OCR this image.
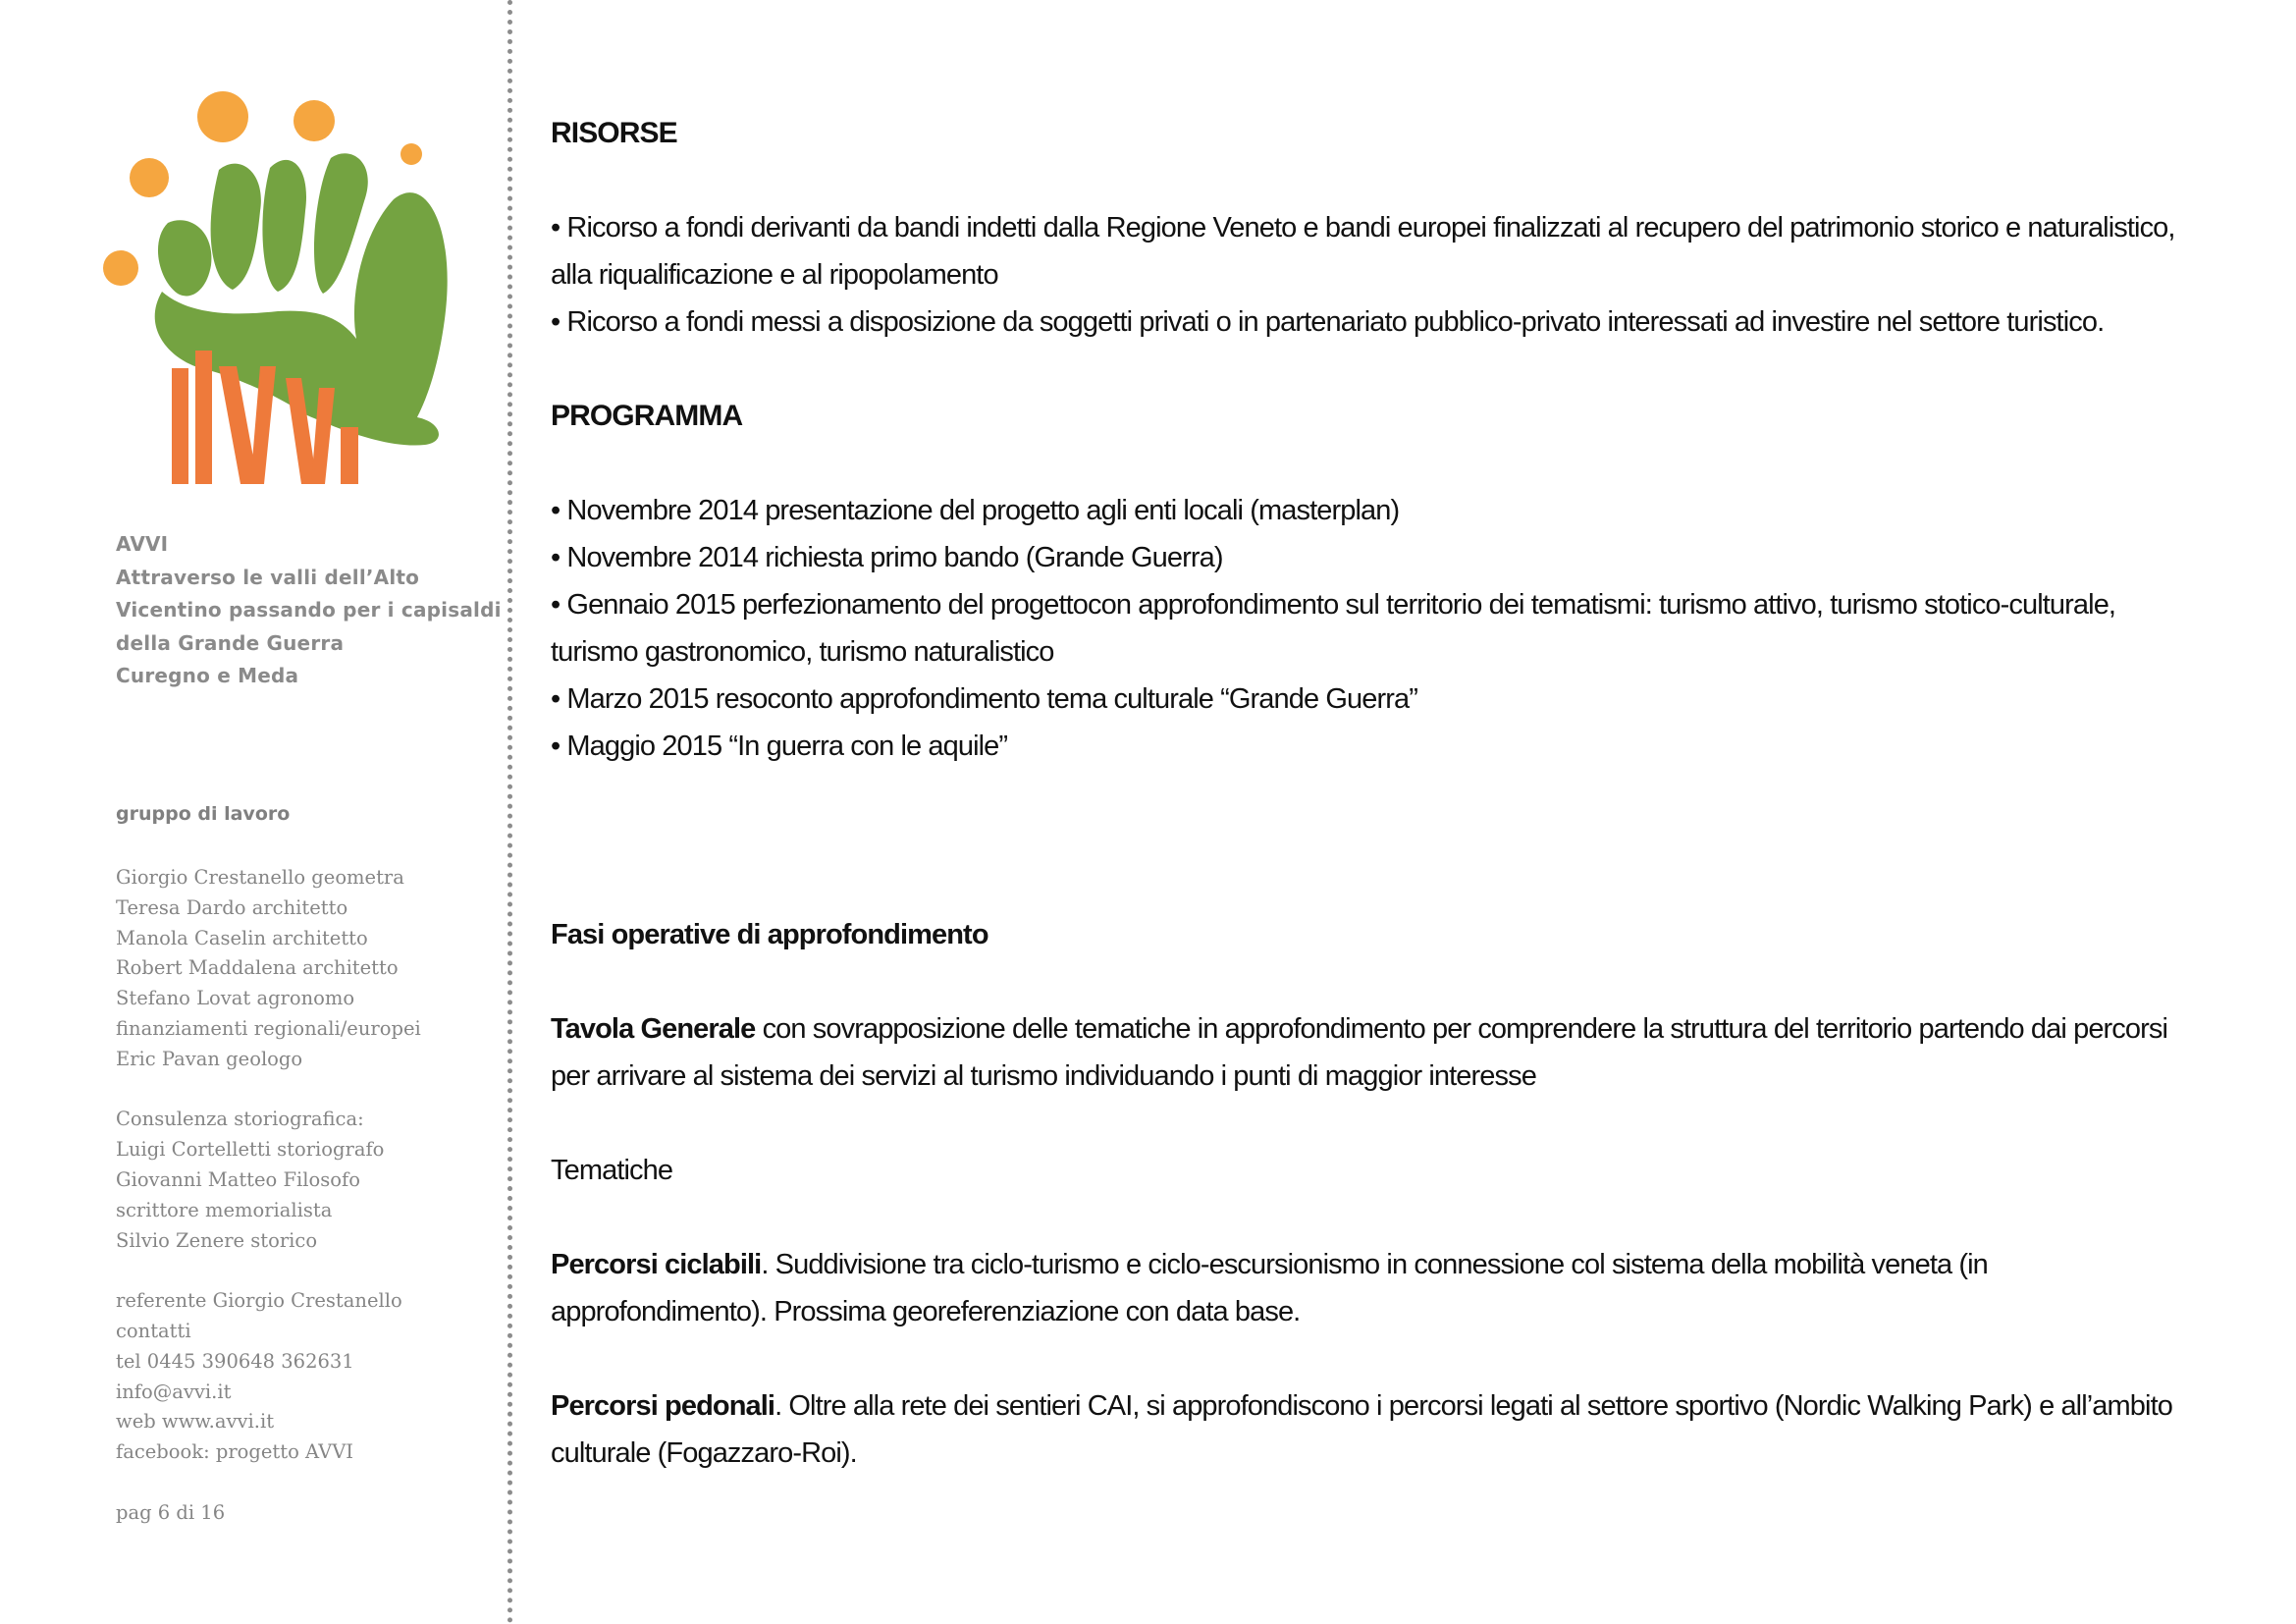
AVVI
Attraverso le valli dell’Alto
Vicentino passando per i capisaldi
della Grande Guerra
Curegno e Meda
gruppo di lavoro
Giorgio Crestanello geometra
Teresa Dardo architetto
Manola Caselin architetto
Robert Maddalena architetto
Stefano Lovat agronomo
finanziamenti regionali/europei
Eric Pavan geologo
Consulenza storiografica:
Luigi Cortelletti storiografo
Giovanni Matteo Filosofo
scrittore memorialista
Silvio Zenere storico
referente Giorgio Crestanello
contatti
tel 0445 390648 362631
info@avvi.it
web www.avvi.it
facebook: progetto AVVI
pag 6 di 16

RISORSE

• Ricorso a fondi derivanti da bandi indetti dalla Regione Veneto e bandi europei finalizzati al recupero del patrimonio storico e naturalistico, alla riqualificazione e al ripopolamento

• Ricorso a fondi messi a disposizione da soggetti privati o in partenariato pubblico-privato interessati ad investire nel settore turistico.

PROGRAMMA

• Novembre 2014 presentazione del progetto agli enti locali (masterplan)

• Novembre 2014 richiesta primo bando (Grande Guerra)

• Gennaio 2015 perfezionamento del progettocon approfondimento sul territorio dei tematismi: turismo attivo, turismo stotico-culturale, turismo gastronomico, turismo naturalistico

• Marzo 2015 resoconto approfondimento tema culturale “Grande Guerra”

• Maggio 2015 “In guerra con le aquile”

Fasi operative di approfondimento

Tavola Generale con sovrapposizione delle tematiche in approfondimento per comprendere la struttura del territorio partendo dai percorsi per arrivare al sistema dei servizi al turismo individuando i punti di maggior interesse

Tematiche

Percorsi ciclabili. Suddivisione tra ciclo-turismo e ciclo-escursionismo in connessione col sistema della mobilità veneta (in approfondimento). Prossima georeferenziazione con data base.

Percorsi pedonali. Oltre alla rete dei sentieri CAI, si approfondiscono i percorsi legati al settore sportivo (Nordic Walking Park) e all’ambito culturale (Fogazzaro-Roi).
